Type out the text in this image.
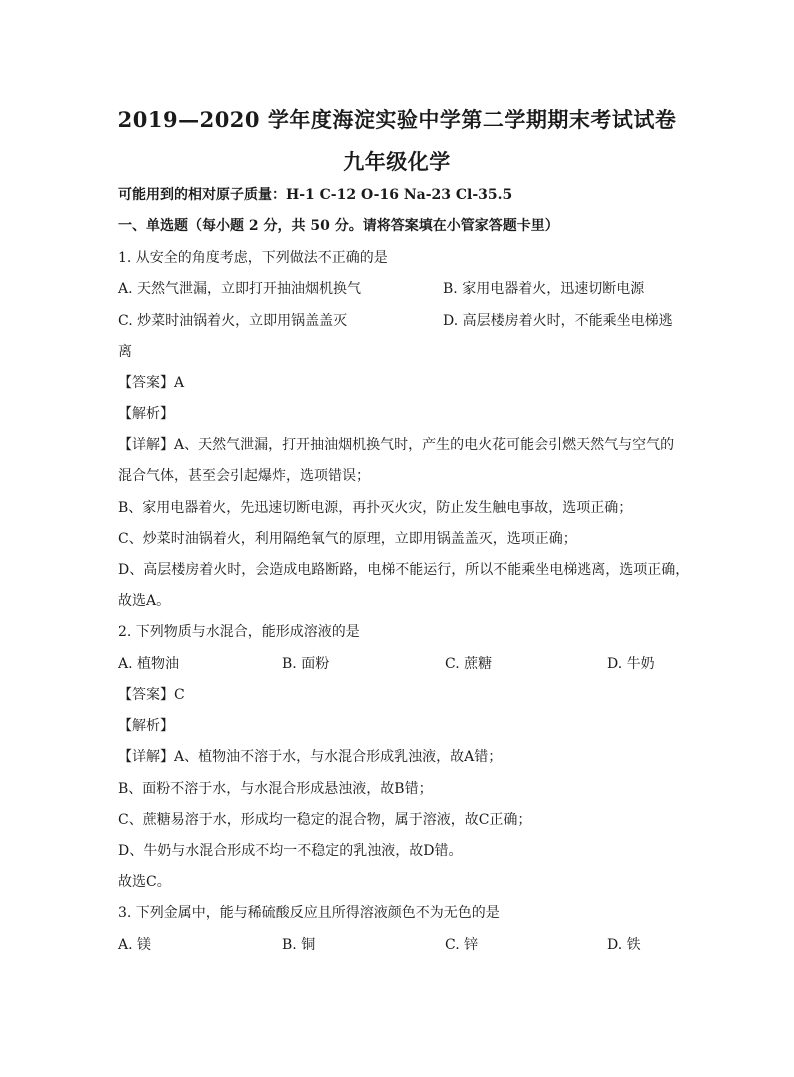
2019—2020 学年度海淀实验中学第二学期期末考试试卷
九年级化学
可能用到的相对原子质量：H-1 C-12 O-16 Na-23 Cl-35.5
一、单选题（每小题 2 分，共 50 分。请将答案填在小管家答题卡里）
1. 从安全的角度考虑，下列做法不正确的是
A. 天然气泄漏，立即打开抽油烟机换气	B. 家用电器着火，迅速切断电源
C. 炒菜时油锅着火，立即用锅盖盖灭	D. 高层楼房着火时，不能乘坐电梯逃
离
【答案】A
【解析】
【详解】A、天然气泄漏，打开抽油烟机换气时，产生的电火花可能会引燃天然气与空气的
混合气体，甚至会引起爆炸，选项错误；
B、家用电器着火，先迅速切断电源，再扑灭火灾，防止发生触电事故，选项正确；
C、炒菜时油锅着火，利用隔绝氧气的原理，立即用锅盖盖灭，选项正确；
D、高层楼房着火时，会造成电路断路，电梯不能运行，所以不能乘坐电梯逃离，选项正确，
故选A。
2. 下列物质与水混合，能形成溶液的是
A. 植物油	B. 面粉	C. 蔗糖	D. 牛奶
【答案】C
【解析】
【详解】A、植物油不溶于水，与水混合形成乳浊液，故A错；
B、面粉不溶于水，与水混合形成悬浊液，故B错；
C、蔗糖易溶于水，形成均一稳定的混合物，属于溶液，故C正确；
D、牛奶与水混合形成不均一不稳定的乳浊液，故D错。
故选C。
3. 下列金属中，能与稀硫酸反应且所得溶液颜色不为无色的是
A. 镁	B. 铜	C. 锌	D. 铁
